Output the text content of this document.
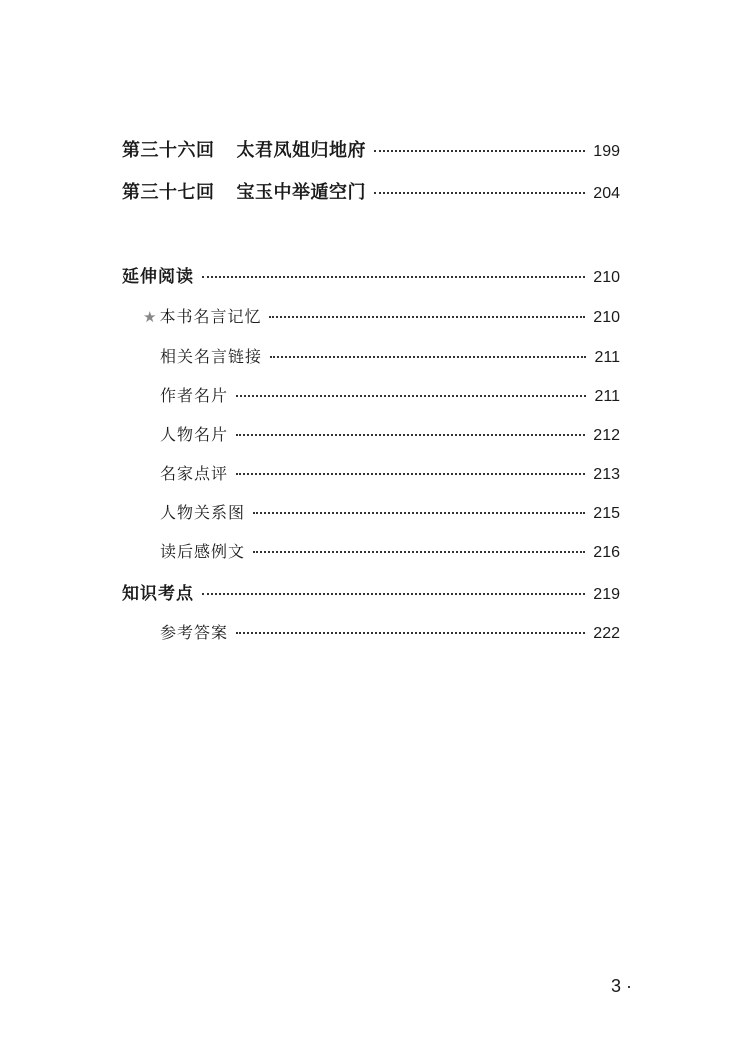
第三十六回 太君凤姐归地府	199
第三十七回 宝玉中举遁空门	204
延伸阅读	210
★ 本书名言记忆	210
相关名言链接	211
作者名片	211
人物名片	212
名家点评	213
人物关系图	215
读后感例文	216
知识考点	219
参考答案	222
3 ·
